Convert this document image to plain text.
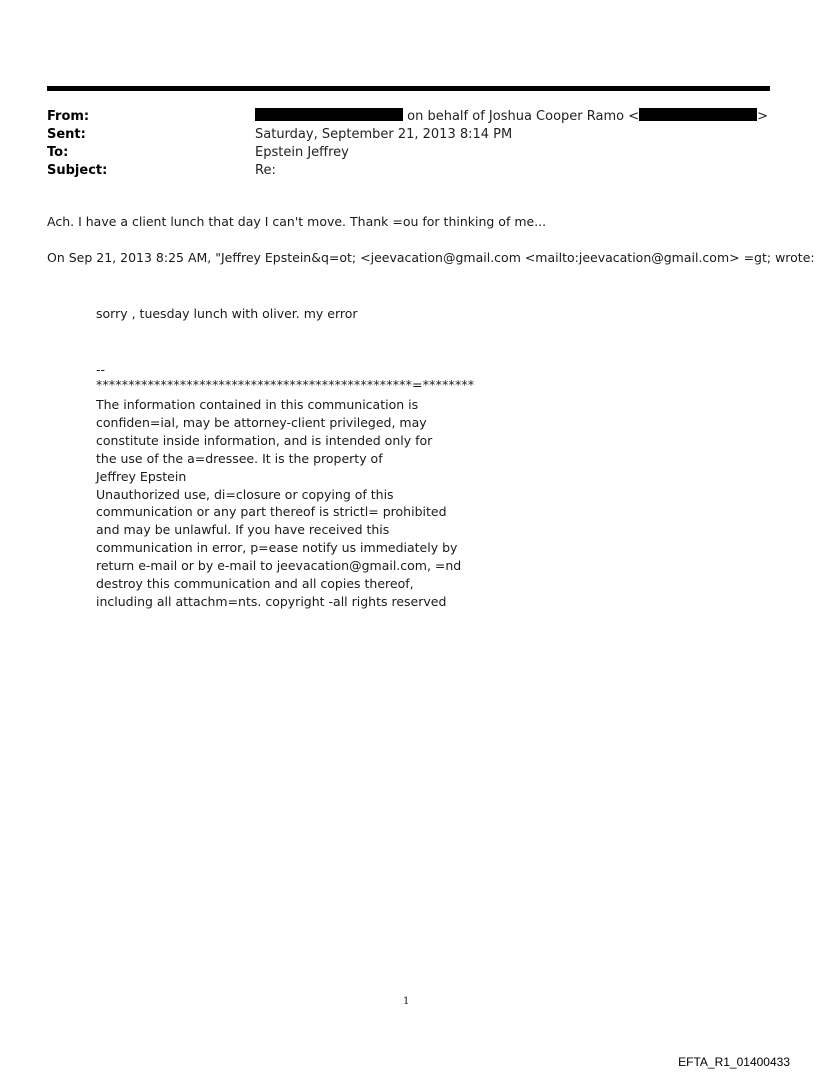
From:	on behalf of Joshua Cooper Ramo <	>
Sent:	Saturday, September 21, 2013 8:14 PM
To:	Epstein Jeffrey
Subject:	Re:
Ach. I have a client lunch that day I can't move. Thank =ou for thinking of me...
On Sep 21, 2013 8:25 AM, "Jeffrey Epstein&q=ot; <jeevacation@gmail.com <mailto:jeevacation@gmail.com> =gt; wrote:
sorry , tuesday lunch with oliver. my error
--
*************************************************=********
The information contained in this communication is
confiden=ial, may be attorney-client privileged, may
constitute inside information, and is intended only for
the use of the a=dressee. It is the property of
Jeffrey Epstein
Unauthorized use, di=closure or copying of this
communication or any part thereof is strictl= prohibited
and may be unlawful. If you have received this
communication in error, p=ease notify us immediately by
return e-mail or by e-mail to jeevacation@gmail.com, =nd
destroy this communication and all copies thereof,
including all attachm=nts. copyright -all rights reserved
1
EFTA_R1_01400433
